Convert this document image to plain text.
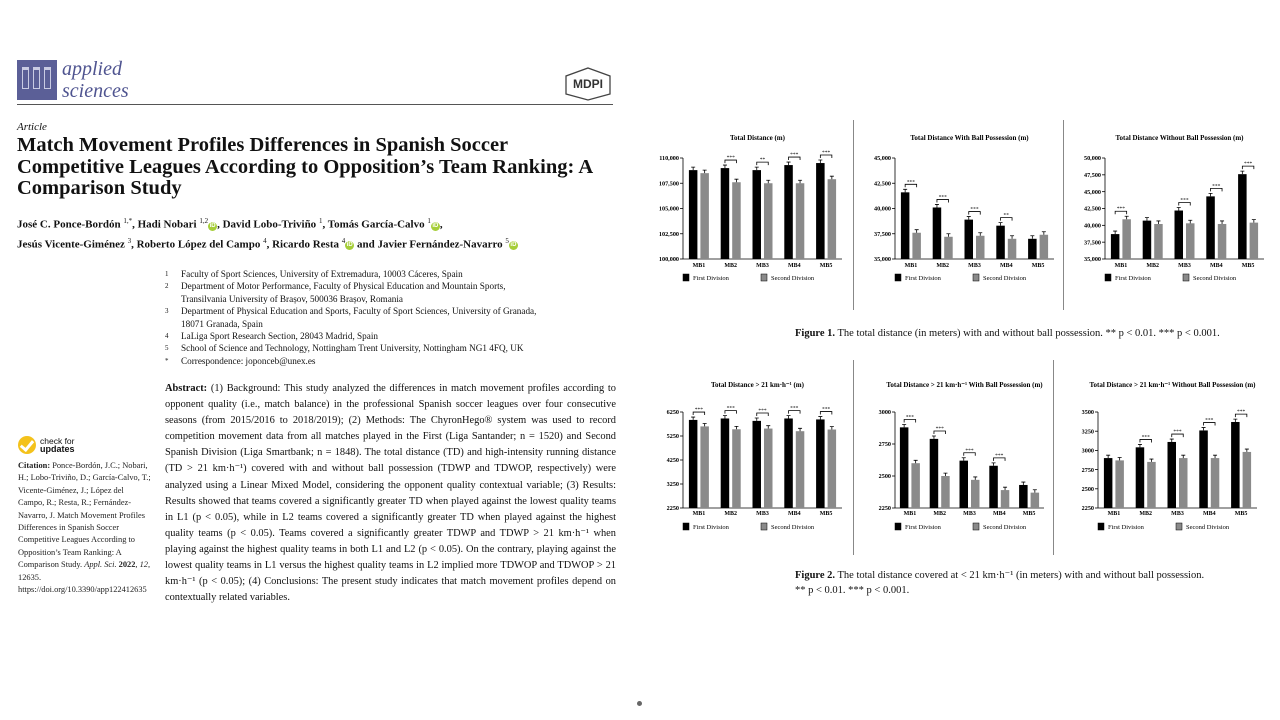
applied
sciences	MDPI
Article
Match Movement Profiles Differences in Spanish Soccer Competitive Leagues According to Opposition’s Team Ranking: A Comparison Study
José C. Ponce-Bordón $^{1,*}$, Hadi Nobari $^{1,2}$iD , David Lobo-Triviño $^1$, Tomás García-Calvo $^1$iD ,
Jesús Vicente-Giménez $^3$, Roberto López del Campo $^4$, Ricardo Resta $^4$iD and Javier Fernández-Navarro $^5$iD
1	Faculty of Sport Sciences, University of Extremadura, 10003 Cáceres, Spain
2	Department of Motor Performance, Faculty of Physical Education and Mountain Sports,
Transilvania University of Brașov, 500036 Brașov, Romania
3	Department of Physical Education and Sports, Faculty of Sport Sciences, University of Granada,
18071 Granada, Spain
4	LaLiga Sport Research Section, 28043 Madrid, Spain
5	School of Science and Technology, Nottingham Trent University, Nottingham NG1 4FQ, UK
*	Correspondence: joponceb@unex.es
Abstract: (1) Background: This study analyzed the differences in match movement profiles according to opponent quality (i.e., match balance) in the professional Spanish soccer leagues over four consecutive seasons (from 2015/2016 to 2018/2019); (2) Methods: The ChyronHego® system was used to record competition movement data from all matches played in the First (Liga Santander; n = 1520) and Second Spanish Division (Liga Smartbank; n = 1848). The total distance (TD) and high-intensity running distance (TD > 21 km·h⁻¹) covered with and without ball possession (TDWP and TDWOP, respectively) were analyzed using a Linear Mixed Model, considering the opponent quality contextual variable; (3) Results: Results showed that teams covered a significantly greater TD when played against the lowest quality teams in L1 (p < 0.05), while in L2 teams covered a significantly greater TD when played against the highest quality teams (p < 0.05). Teams covered a significantly greater TDWP and TDWP > 21 km·h⁻¹ when playing against the highest quality teams in both L1 and L2 (p < 0.05). On the contrary, playing against the lowest quality teams in L1 versus the highest quality teams in L2 implied more TDWOP and TDWOP > 21 km·h⁻¹ (p < 0.05); (4) Conclusions: The present study indicates that match movement profiles depend on contextually related variables.
check for
updates
Citation: Ponce-Bordón, J.C.; Nobari, H.; Lobo-Triviño, D.; García-Calvo, T.; Vicente-Giménez, J.; López del Campo, R.; Resta, R.; Fernández-Navarro, J. Match Movement Profiles Differences in Spanish Soccer Competitive Leagues According to Opposition’s Team Ranking: A Comparison Study. Appl. Sci. 2022, 12, 12635. https://doi.org/10.3390/app122412635
Total Distance (m)
100,000
102,500
105,000
107,500
110,000
MB1
***
MB2
**
MB3
***
MB4
***
MB5
First Division	Second Division
Total Distance With Ball Possession (m)
35,000
37,500
40,000
42,500
45,000
***
MB1
***
MB2
***
MB3
**
MB4	MB5
First Division	Second Division
Total Distance Without Ball Possession (m)
35,000
37,500
40,000
42,500
45,000
47,500
50,000
***
MB1	MB2
***
MB3
***
MB4
***
MB5
First Division	Second Division
Figure 1. The total distance (in meters) with and without ball possession. ** p < 0.01. *** p < 0.001.
Total Distance > 21 km·h⁻¹ (m)
2250
3250
4250
5250
6250	***
MB1
***
MB2
***
MB3
***
MB4
***
MB5
First Division	Second Division
Total Distance > 21 km·h⁻¹ With Ball Possession (m)
2250
2500
2750
3000
***
MB1
***
MB2
***
MB3
***
MB4	MB5
First Division	Second Division
Total Distance > 21 km·h⁻¹ Without Ball Possession (m)
2250
2500
2750
3000
3250
3500
MB1
***
MB2
***
MB3
***
MB4
***
MB5
First Division	Second Division
Figure 2. The total distance covered at < 21 km·h⁻¹ (in meters) with and without ball possession.
** p < 0.01. *** p < 0.001.
